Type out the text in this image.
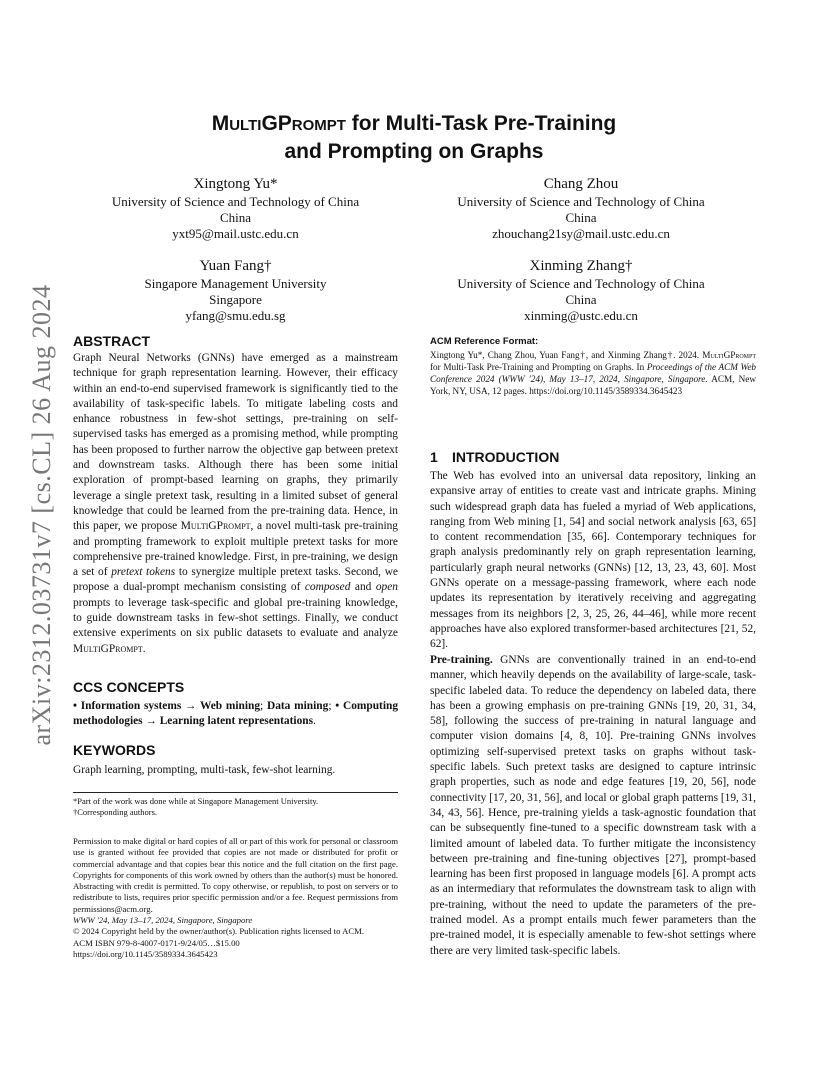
arXiv:2312.03731v7 [cs.CL] 26 Aug 2024
MultiGPrompt for Multi-Task Pre-Training
and Prompting on Graphs
Xingtong Yu*
University of Science and Technology of China
China
yxt95@mail.ustc.edu.cn
Chang Zhou
University of Science and Technology of China
China
zhouchang21sy@mail.ustc.edu.cn
Yuan Fang†
Singapore Management University
Singapore
yfang@smu.edu.sg
Xinming Zhang†
University of Science and Technology of China
China
xinming@ustc.edu.cn
ABSTRACT
Graph Neural Networks (GNNs) have emerged as a mainstream technique for graph representation learning. However, their efficacy within an end-to-end supervised framework is significantly tied to the availability of task-specific labels. To mitigate labeling costs and enhance robustness in few-shot settings, pre-training on self-supervised tasks has emerged as a promising method, while prompting has been proposed to further narrow the objective gap between pretext and downstream tasks. Although there has been some initial exploration of prompt-based learning on graphs, they primarily leverage a single pretext task, resulting in a limited subset of general knowledge that could be learned from the pre-training data. Hence, in this paper, we propose MultiGPrompt, a novel multi-task pre-training and prompting framework to exploit multiple pretext tasks for more comprehensive pre-trained knowledge. First, in pre-training, we design a set of pretext tokens to synergize multiple pretext tasks. Second, we propose a dual-prompt mechanism consisting of composed and open prompts to leverage task-specific and global pre-training knowledge, to guide downstream tasks in few-shot settings. Finally, we conduct extensive experiments on six public datasets to evaluate and analyze MultiGPrompt.
CCS CONCEPTS
• Information systems → Web mining; Data mining; • Computing methodologies → Learning latent representations.
KEYWORDS
Graph learning, prompting, multi-task, few-shot learning.
*Part of the work was done while at Singapore Management University.
†Corresponding authors.
Permission to make digital or hard copies of all or part of this work for personal or classroom use is granted without fee provided that copies are not made or distributed for profit or commercial advantage and that copies bear this notice and the full citation on the first page. Copyrights for components of this work owned by others than the author(s) must be honored. Abstracting with credit is permitted. To copy otherwise, or republish, to post on servers or to redistribute to lists, requires prior specific permission and/or a fee. Request permissions from permissions@acm.org.
WWW '24, May 13–17, 2024, Singapore, Singapore
© 2024 Copyright held by the owner/author(s). Publication rights licensed to ACM.
ACM ISBN 979-8-4007-0171-9/24/05…$15.00
https://doi.org/10.1145/3589334.3645423
ACM Reference Format:
Xingtong Yu*, Chang Zhou, Yuan Fang†, and Xinming Zhang†. 2024. MultiGPrompt for Multi-Task Pre-Training and Prompting on Graphs. In Proceedings of the ACM Web Conference 2024 (WWW '24), May 13–17, 2024, Singapore, Singapore. ACM, New York, NY, USA, 12 pages. https://doi.org/10.1145/3589334.3645423
1 INTRODUCTION
The Web has evolved into an universal data repository, linking an expansive array of entities to create vast and intricate graphs. Mining such widespread graph data has fueled a myriad of Web applications, ranging from Web mining [1, 54] and social network analysis [63, 65] to content recommendation [35, 66]. Contemporary techniques for graph analysis predominantly rely on graph representation learning, particularly graph neural networks (GNNs) [12, 13, 23, 43, 60]. Most GNNs operate on a message-passing framework, where each node updates its representation by iteratively receiving and aggregating messages from its neighbors [2, 3, 25, 26, 44–46], while more recent approaches have also explored transformer-based architectures [21, 52, 62].
Pre-training. GNNs are conventionally trained in an end-to-end manner, which heavily depends on the availability of large-scale, task-specific labeled data. To reduce the dependency on labeled data, there has been a growing emphasis on pre-training GNNs [19, 20, 31, 34, 58], following the success of pre-training in natural language and computer vision domains [4, 8, 10]. Pre-training GNNs involves optimizing self-supervised pretext tasks on graphs without task-specific labels. Such pretext tasks are designed to capture intrinsic graph properties, such as node and edge features [19, 20, 56], node connectivity [17, 20, 31, 56], and local or global graph patterns [19, 31, 34, 43, 56]. Hence, pre-training yields a task-agnostic foundation that can be subsequently fine-tuned to a specific downstream task with a limited amount of labeled data. To further mitigate the inconsistency between pre-training and fine-tuning objectives [27], prompt-based learning has been first proposed in language models [6]. A prompt acts as an intermediary that reformulates the downstream task to align with pre-training, without the need to update the parameters of the pre-trained model. As a prompt entails much fewer parameters than the pre-trained model, it is especially amenable to few-shot settings where there are very limited task-specific labels.
